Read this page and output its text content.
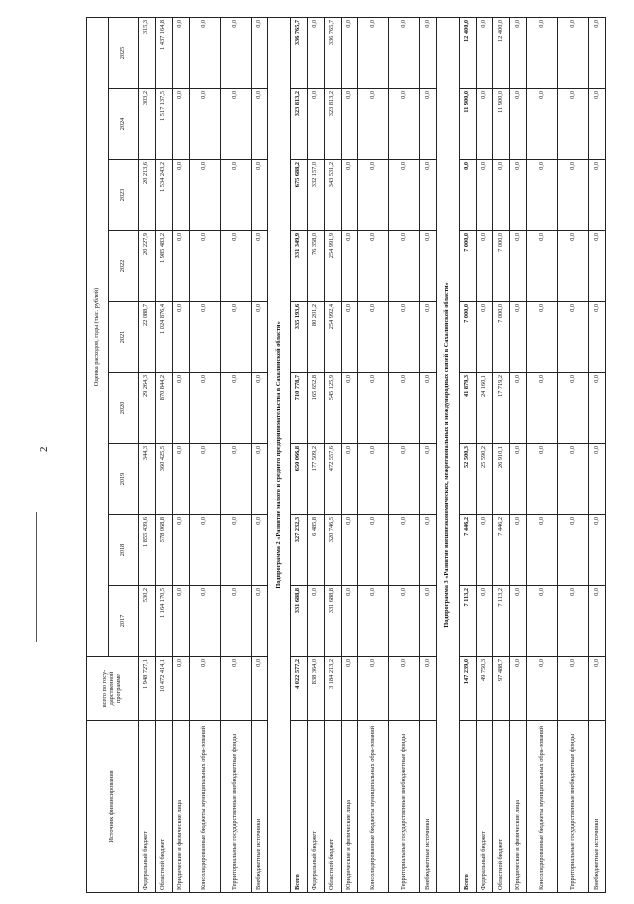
2
Источник финансирования	всего по госу-дарственной программе	Оценка расходов, годы (тыс. рублей)								
		2017	2018	2019	2020	2021	2022	2023	2024	2025
Федеральный бюджет	1 948 727,1	530,2	1 855 439,6	344,3	29 264,3	22 088,7	20 227,9	20 213,6	303,2	315,3
Областной бюджет	10 472 414,1	1 164 170,5	578 068,8	360 425,5	870 844,2	1 024 876,4	1 985 483,2	1 534 243,2	1 517 137,5	1 437 164,8
Юридические и физические лица	0,0	0,0	0,0	0,0	0,0	0,0	0,0	0,0	0,0	0,0
Консолидированные бюджеты муниципальных обра-зований	0,0	0,0	0,0	0,0	0,0	0,0	0,0	0,0	0,0	0,0
Территориальные государственные внебюджетные фонды	0,0	0,0	0,0	0,0	0,0	0,0	0,0	0,0	0,0	0,0
Внебюджетные источники	0,0	0,0	0,0	0,0	0,0	0,0	0,0	0,0	0,0	0,0
Подпрограмма 2 «Развитие малого и среднего предпринимательства в Сахалинской области»										
Всего	4 022 577,2	331 688,8	327 232,3	650 066,8	710 778,7	335 193,6	331 349,9	675 688,2	323 813,2	336 765,7
Федеральный бюджет	838 364,0	0,0	6 485,8	177 509,2	165 652,8	80 201,2	76 358,0	332 157,0	0,0	0,0
Областной бюджет	3 184 213,2	331 688,8	320 746,5	472 557,6	545 125,9	254 992,4	254 991,9	343 531,2	323 813,2	336 765,7
Юридические и физические лица	0,0	0,0	0,0	0,0	0,0	0,0	0,0	0,0	0,0	0,0
Консолидированные бюджеты муниципальных обра-зований	0,0	0,0	0,0	0,0	0,0	0,0	0,0	0,0	0,0	0,0
Территориальные государственные внебюджетные фонды	0,0	0,0	0,0	0,0	0,0	0,0	0,0	0,0	0,0	0,0
Внебюджетные источники	0,0	0,0	0,0	0,0	0,0	0,0	0,0	0,0	0,0	0,0
Подпрограмма 3 «Развитие внешнеэкономических, межрегиональных и международных связей в Сахалинской области»										
Всего	147 239,0	7 113,2	7 446,2	52 500,3	41 879,3	7 000,0	7 000,0	0,0	11 900,0	12 400,0
Федеральный бюджет	49 750,3	0,0	0,0	25 590,2	24 160,1	0,0	0,0	0,0	0,0	0,0
Областной бюджет	97 488,7	7 113,2	7 446,2	26 910,1	17 719,2	7 000,0	7 000,0	0,0	11 900,0	12 400,0
Юридические и физические лица	0,0	0,0	0,0	0,0	0,0	0,0	0,0	0,0	0,0	0,0
Консолидированные бюджеты муниципальных обра-зований	0,0	0,0	0,0	0,0	0,0	0,0	0,0	0,0	0,0	0,0
Территориальные государственные внебюджетные фонды	0,0	0,0	0,0	0,0	0,0	0,0	0,0	0,0	0,0	0,0
Внебюджетные источники	0,0	0,0	0,0	0,0	0,0	0,0	0,0	0,0	0,0	0,0
